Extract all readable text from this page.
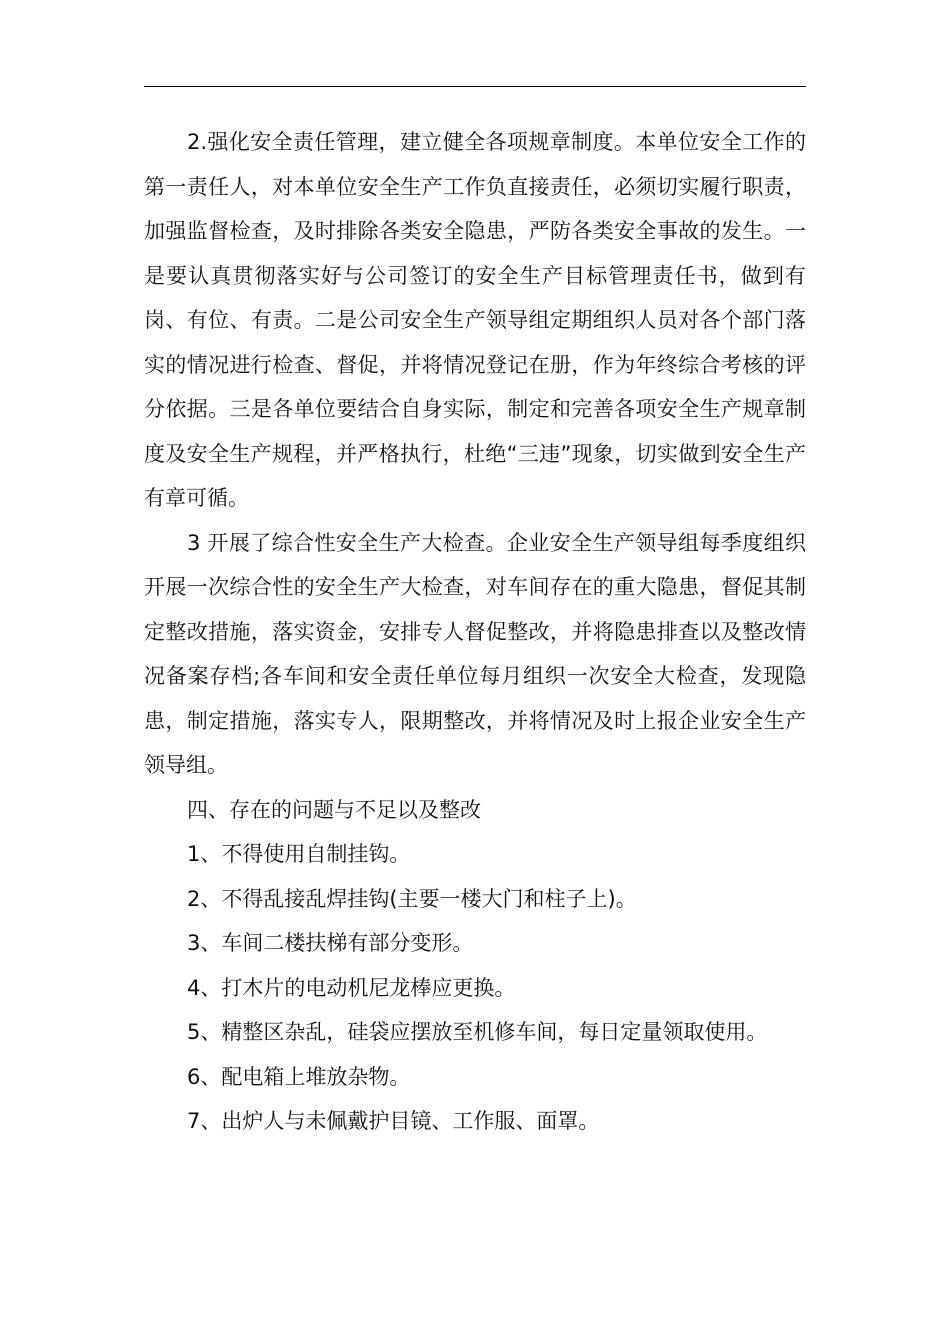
2.强化安全责任管理，建立健全各项规章制度。本单位安全工作的第一责任人，对本单位安全生产工作负直接责任，必须切实履行职责，加强监督检查，及时排除各类安全隐患，严防各类安全事故的发生。一是要认真贯彻落实好与公司签订的安全生产目标管理责任书，做到有岗、有位、有责。二是公司安全生产领导组定期组织人员对各个部门落实的情况进行检查、督促，并将情况登记在册，作为年终综合考核的评分依据。三是各单位要结合自身实际，制定和完善各项安全生产规章制度及安全生产规程，并严格执行，杜绝“三违”现象，切实做到安全生产有章可循。

3 开展了综合性安全生产大检查。企业安全生产领导组每季度组织开展一次综合性的安全生产大检查，对车间存在的重大隐患，督促其制定整改措施，落实资金，安排专人督促整改，并将隐患排查以及整改情况备案存档;各车间和安全责任单位每月组织一次安全大检查，发现隐患，制定措施，落实专人，限期整改，并将情况及时上报企业安全生产领导组。

四、存在的问题与不足以及整改

1、不得使用自制挂钩。

2、不得乱接乱焊挂钩(主要一楼大门和柱子上)。

3、车间二楼扶梯有部分变形。

4、打木片的电动机尼龙棒应更换。

5、精整区杂乱，硅袋应摆放至机修车间，每日定量领取使用。

6、配电箱上堆放杂物。

7、出炉人与未佩戴护目镜、工作服、面罩。
